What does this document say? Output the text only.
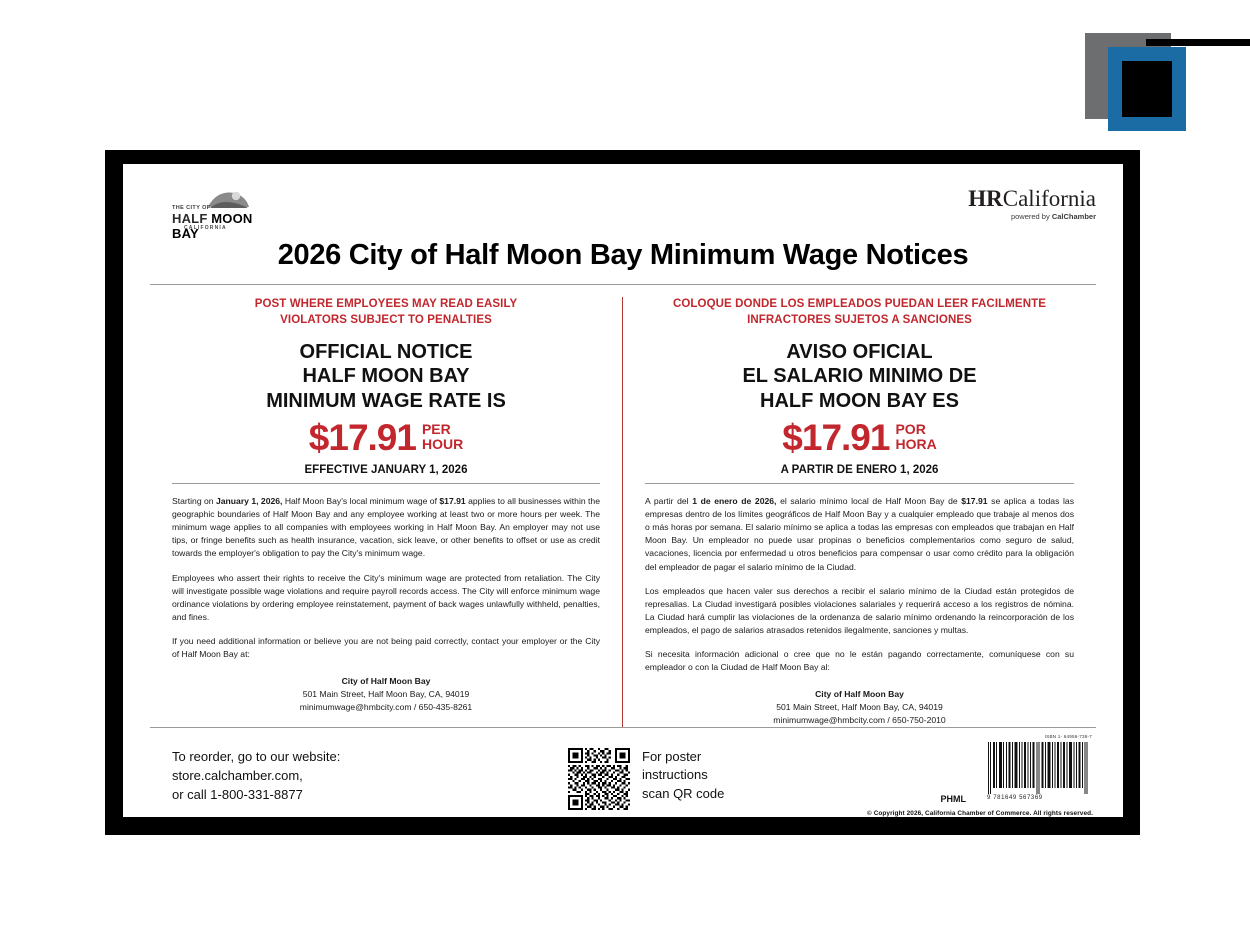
THE CITY OF
HALF MOON BAY
CALIFORNIA
HRCalifornia
powered by CalChamber
2026 City of Half Moon Bay Minimum Wage Notices
POST WHERE EMPLOYEES MAY READ EASILY
VIOLATORS SUBJECT TO PENALTIES
OFFICIAL NOTICE
HALF MOON BAY
MINIMUM WAGE RATE IS
$17.91 PER
HOUR
EFFECTIVE JANUARY 1, 2026

Starting on January 1, 2026, Half Moon Bay's local minimum wage of $17.91 applies to all businesses within the geographic boundaries of Half Moon Bay and any employee working at least two or more hours per week. The minimum wage applies to all companies with employees working in Half Moon Bay. An employer may not use tips, or fringe benefits such as health insurance, vacation, sick leave, or other benefits to offset or use as credit towards the employer's obligation to pay the City's minimum wage.

Employees who assert their rights to receive the City's minimum wage are protected from retaliation. The City will investigate possible wage violations and require payroll records access. The City will enforce minimum wage ordinance violations by ordering employee reinstatement, payment of back wages unlawfully withheld, penalties, and fines.

If you need additional information or believe you are not being paid correctly, contact your employer or the City of Half Moon Bay at:

City of Half Moon Bay
501 Main Street, Half Moon Bay, CA, 94019
minimumwage@hmbcity.com / 650-435-8261
COLOQUE DONDE LOS EMPLEADOS PUEDAN LEER FACILMENTE
INFRACTORES SUJETOS A SANCIONES
AVISO OFICIAL
EL SALARIO MINIMO DE
HALF MOON BAY ES
$17.91 POR
HORA
A PARTIR DE ENERO 1, 2026

A partir del 1 de enero de 2026, el salario mínimo local de Half Moon Bay de $17.91 se aplica a todas las empresas dentro de los límites geográficos de Half Moon Bay y a cualquier empleado que trabaje al menos dos o más horas por semana. El salario mínimo se aplica a todas las empresas con empleados que trabajan en Half Moon Bay. Un empleador no puede usar propinas o beneficios complementarios como seguro de salud, vacaciones, licencia por enfermedad u otros beneficios para compensar o usar como crédito para la obligación del empleador de pagar el salario mínimo de la Ciudad.

Los empleados que hacen valer sus derechos a recibir el salario mínimo de la Ciudad están protegidos de represalias. La Ciudad investigará posibles violaciones salariales y requerirá acceso a los registros de nómina. La Ciudad hará cumplir las violaciones de la ordenanza de salario mínimo ordenando la reincorporación de los empleados, el pago de salarios atrasados retenidos ilegalmente, sanciones y multas.

Si necesita información adicional o cree que no le están pagando correctamente, comuníquese con su empleador o con la Ciudad de Half Moon Bay al:

City of Half Moon Bay
501 Main Street, Half Moon Bay, CA, 94019
minimumwage@hmbcity.com / 650-750-2010
To reorder, go to our website:
store.calchamber.com,
or call 1-800-331-8877
For poster
instructions
scan QR code
ISBN 1- 64956-736-7
9 781649 567369
PHML
© Copyright 2026, California Chamber of Commerce. All rights reserved.
